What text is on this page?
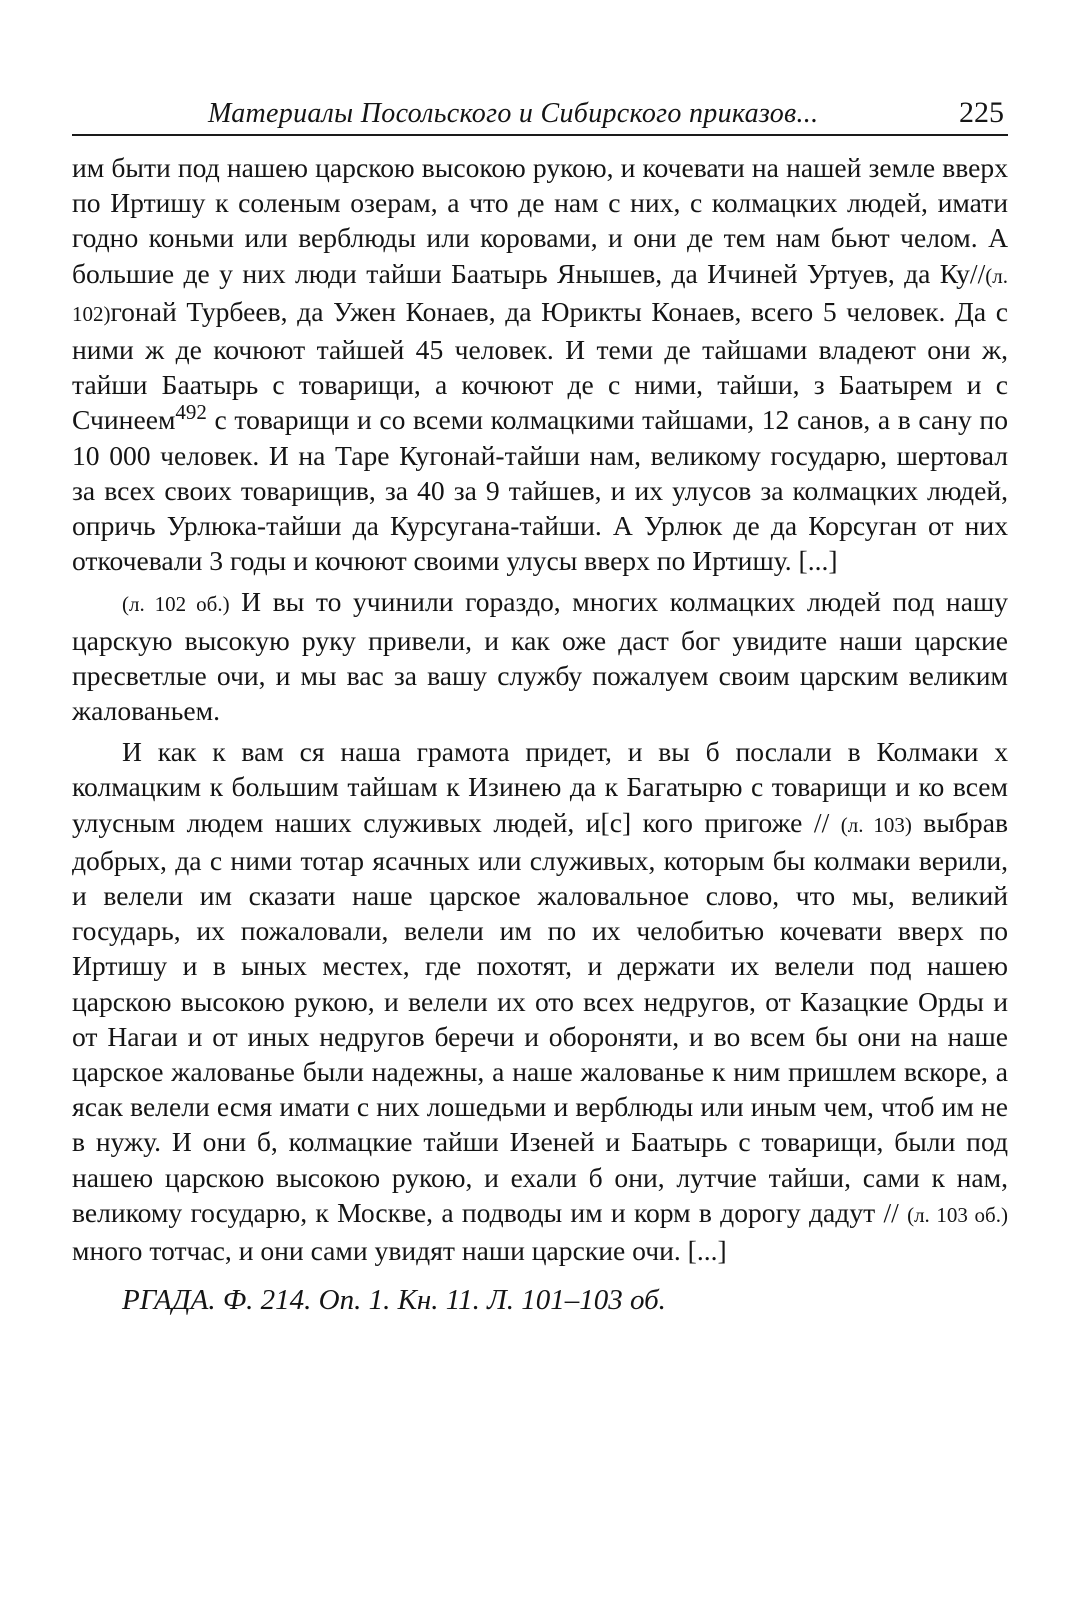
Материалы Посольского и Сибирского приказов...	225

им быти под нашею царскою высокою рукою, и кочевати на нашей земле вверх по Иртишу к соленым озерам, а что де нам с них, с колмацких людей, имати годно коньми или верблюды или коровами, и они де тем нам бьют челом. А большие де у них люди тайши Баатырь Янышев, да Ичиней Уртуев, да Ку//(л. 102)гонай Турбеев, да Ужен Конаев, да Юрикты Конаев, всего 5 человек. Да с ними ж де кочюют тайшей 45 человек. И теми де тайшами владеют они ж, тайши Баатырь с товарищи, а кочюют де с ними, тайши, з Баатырем и с Счинеем$^{492}$ с товарищи и со всеми колмацкими тайшами, 12 санов, а в сану по 10 000 человек. И на Таре Кугонай-тайши нам, великому государю, шертовал за всех своих товарищив, за 40 за 9 тайшев, и их улусов за колмацких людей, опричь Урлюка-тайши да Курсугана-тайши. А Урлюк де да Корсуган от них откочевали 3 годы и кочюют своими улусы вверх по Иртишу. [...]

(л. 102 об.) И вы то учинили гораздо, многих колмацких людей под нашу царскую высокую руку привели, и как оже даст бог увидите наши царские пресветлые очи, и мы вас за вашу службу пожалуем своим царским великим жалованьем.

И как к вам ся наша грамота придет, и вы б послали в Колмаки х колмацким к большим тайшам к Изинею да к Багатырю с товарищи и ко всем улусным людем наших служивых людей, и[с] кого пригоже // (л. 103) выбрав добрых, да с ними тотар ясачных или служивых, которым бы колмаки верили, и велели им сказати наше царское жаловальное слово, что мы, великий государь, их пожаловали, велели им по их челобитью кочевати вверх по Иртишу и в ыных местех, где похотят, и держати их велели под нашею царскою высокою рукою, и велели их ото всех недругов, от Казацкие Орды и от Нагаи и от иных недругов беречи и обороняти, и во всем бы они на наше царское жалованье были надежны, а наше жалованье к ним пришлем вскоре, а ясак велели есмя имати с них лошедьми и верблюды или иным чем, чтоб им не в нужу. И они б, колмацкие тайши Изеней и Баатырь с товарищи, были под нашею царскою высокою рукою, и ехали б они, лутчие тайши, сами к нам, великому государю, к Москве, а подводы им и корм в дорогу дадут // (л. 103 об.) много тотчас, и они сами увидят наши царские очи. [...]

РГАДА. Ф. 214. Оп. 1. Кн. 11. Л. 101–103 об.
